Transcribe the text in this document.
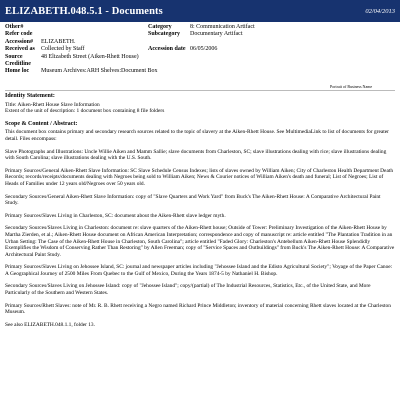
ELIZABETH.048.5.1 - Documents	02/04/2013
Other#
Refer code
Accession#	ELIZABETH.
Received as	Collected by Staff
Source	48 Elizabeth Street (Aiken-Rhett House)
Creditline
Home loc	Museum Archives:ARH Shelves:Document Box
Category	8: Communication Artifact
Subcategory	Documentary Artifact

Accession date 06/05/2006
Portrait of Business Name
Identity Statement:

Title: Aiken-Rhett House Slave Information

Extent of the unit of description: 1 document box containing 8 file folders

Scope & Content / Abstract:

This document box contains primary and secondary research sources related to the topic of slavery at the Aiken-Rhett House. See MultimediaLink to list of documents for greater detail. Files encompass:

Slave Photographs and Illustrations: Uncle Willie Aiken and Mamm Sallie; slave documents from Charleston, SC; slave illustrations dealing with rice; slave illustrations dealing with South Carolina; slave illustrations dealing with the U.S. South.

Primary Sources/General Aiken-Rhett Slave Information: SC Slave Schedule Census Indexes; lists of slaves owned by William Aiken; City of Charleston Health Department Death Records; records/receipts/documents dealing with Negroes being sold to William Aiken; News & Courier notices of William Aiken's death and funeral; List of Negroes; List of Heads of Families under 12 years old/Negroes over 50 years old.

Secondary Sources/General Aiken-Rhett Slave Information: copy of "Slave Quarters and Work Yard" from Buck's The Aiken-Rhett House: A Comparative Architectural Paint Study.

Primary Sources/Slaves Living in Charleston, SC: document about the Aiken-Rhett slave ledger myth.

Secondary Sources/Slaves Living in Charleston: document re: slave quarters of the Aiken-Rhett house; Outside of Tower: Preliminary Investigation of the Aiken-Rhett House by Martha Zierden, et al.; Aiken-Rhett House document on African American Interpretation; correspondence and copy of manuscript re: article entitled "The Plantation Tradition in an Urban Setting: The Case of the Aiken-Rhett House in Charleston, South Carolina"; article entitled "Faded Glory: Charleston's Antebellum Aiken-Rhett House Splendidly Exemplifies the Wisdom of Conserving Rather Than Restoring" by Allen Freeman; copy of "Service Spaces and Outbuildings" from Buck's The Aiken-Rhett House: A Comparative Architectural Paint Study.

Primary Sources/Slaves Living on Jehossee Island, SC: journal and newspaper articles including "Jehossee Island and the Edisto Agricultural Society"; Voyage of the Paper Canoe: A Geographical Journey of 2500 Miles From Quebec to the Gulf of Mexico, During the Years 1874-5 by Nathaniel H. Bishop.

Secondary Sources/Slaves Living on Jehossee Island: copy of "Jehossee Island"; copy/(partial) of The Industrial Resources, Statistics, Etc., of the United State, and More Particularly of the Southern and Western States.

Primary Sources/Rhett Slaves: note of Mr. R. B. Rhett receiving a Negro named Richard Prince Middleton; inventory of material concerning Rhett slaves located at the Charleston Museum.

See also ELIZABETH.048.1.1, folder 13.
